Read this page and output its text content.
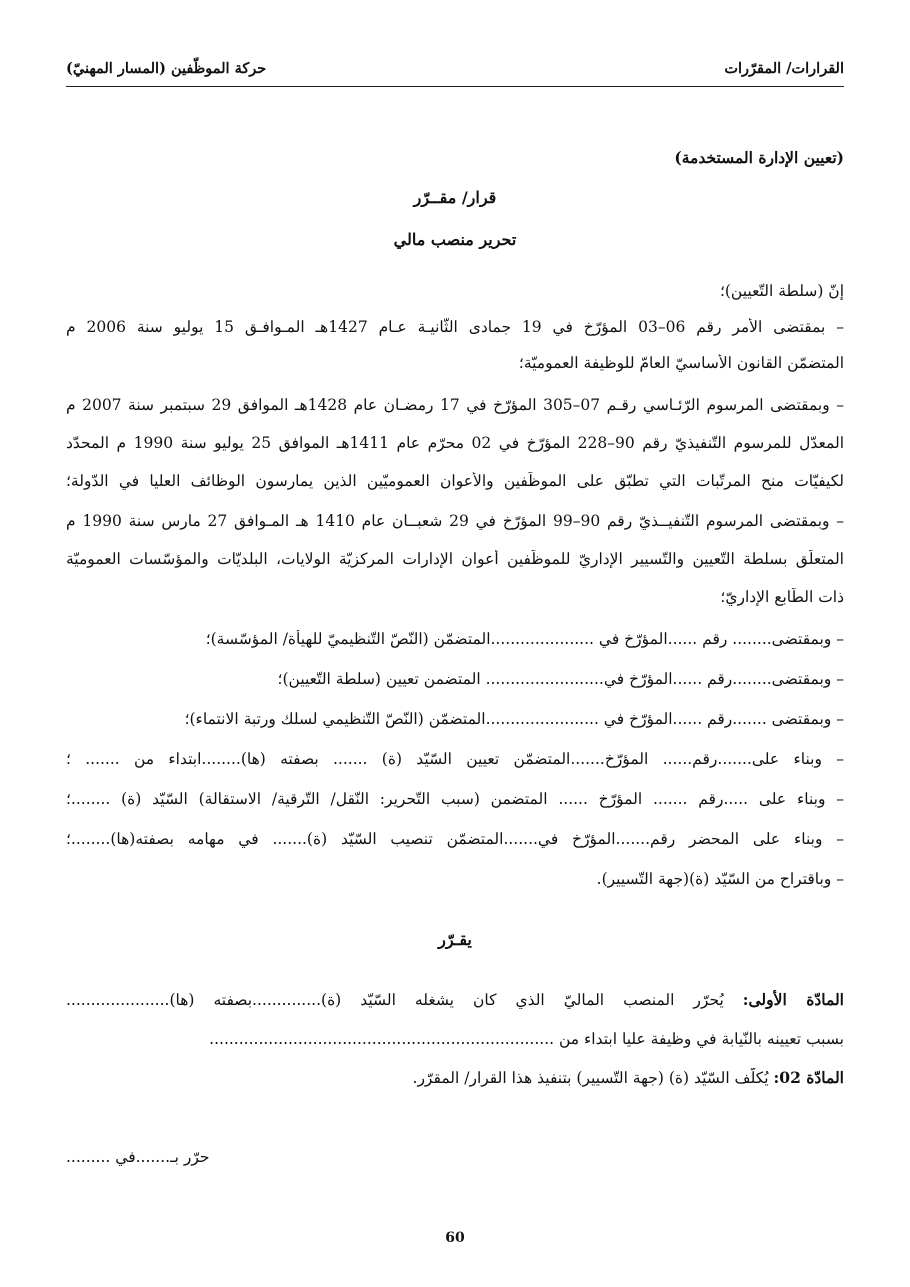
القرارات/ المقرّرات
حركة الموظّفين (المسار المهنيّ)
(تعيين الإدارة المستخدمة)
قرار/ مقــرّر
تحرير منصب مالي
إنّ (سلطة التّعيين)؛
– بمقتضى الأمر رقم 06–03 المؤرّخ في 19 جمادى الثّانيـة عـام 1427هـ المـوافـق 15 يوليو سنة 2006 م
المتضمّن القانون الأساسيّ العامّ للوظيفة العموميّة؛
– وبمقتضى المرسوم الرّئـاسي رقـم 07–305 المؤرّخ في 17 رمضـان عام 1428هـ الموافق 29 سبتمبر سنة 2007 م
المعدّل للمرسوم التّنفيذيّ رقم 90–228 المؤرّخ في 02 محرّم عام 1411هـ الموافق 25 يوليو سنة 1990 م المحدّد
لكيفيّات منح المرتّبات التي تطبّق على الموظّفين والأعوان العموميّين الذين يمارسون الوظائف العليا في الدّولة؛
– وبمقتضى المرسوم التّنفيــذيّ رقم 90–99 المؤرّخ في 29 شعبــان عام 1410 هـ المـوافق 27 مارس سنة 1990 م
المتعلّق بسلطة التّعيين والتّسيير الإداريّ للموظّفين أعوان الإدارات المركزيّة الولايات، البلديّات والمؤسّسات العموميّة
ذات الطّابع الإداريّ؛
– وبمقتضى........ رقم ......المؤرّخ في .....................المتضمّن (النّصّ التّنظيميّ للهيأة/ المؤسّسة)؛
– وبمقتضى........رقم ......المؤرّخ في........................ المتضمن تعيين (سلطة التّعيين)؛
– وبمقتضى .......رقم ......المؤرّخ في .......................المتضمّن (النّصّ التّنظيمي لسلك ورتبة الانتماء)؛
– وبناء على.......رقم...... المؤرّخ.......المتضمّن تعيين السّيّد (ة) ....... بصفته (ها)........ابتداء من ....... ؛
– وبناء على .....رقم ....... المؤرّخ ...... المتضمن (سبب التّحرير: النّقل/ التّرقية/ الاستقالة) السّيّد (ة) ........؛
– وبناء على المحضر رقم.......المؤرّخ في.......المتضمّن تنصيب السّيّد (ة)....... في مهامه بصفته(ها)........؛
– وباقتراح من السّيّد (ة)(جهة التّسيير).
يقـرّر
المادّة الأولى: يُحرّر المنصب الماليّ الذي كان يشغله السّيّد (ة)..............بصفته (ها).....................
بسبب تعيينه بالنّيابة في وظيفة عليا ابتداء من ......................................................................
المادّة 02: يُكلّف السّيّد (ة) (جهة التّسيير) بتنفيذ هذا القرار/ المقرّر.
حرّر بـ.......في .........
60
